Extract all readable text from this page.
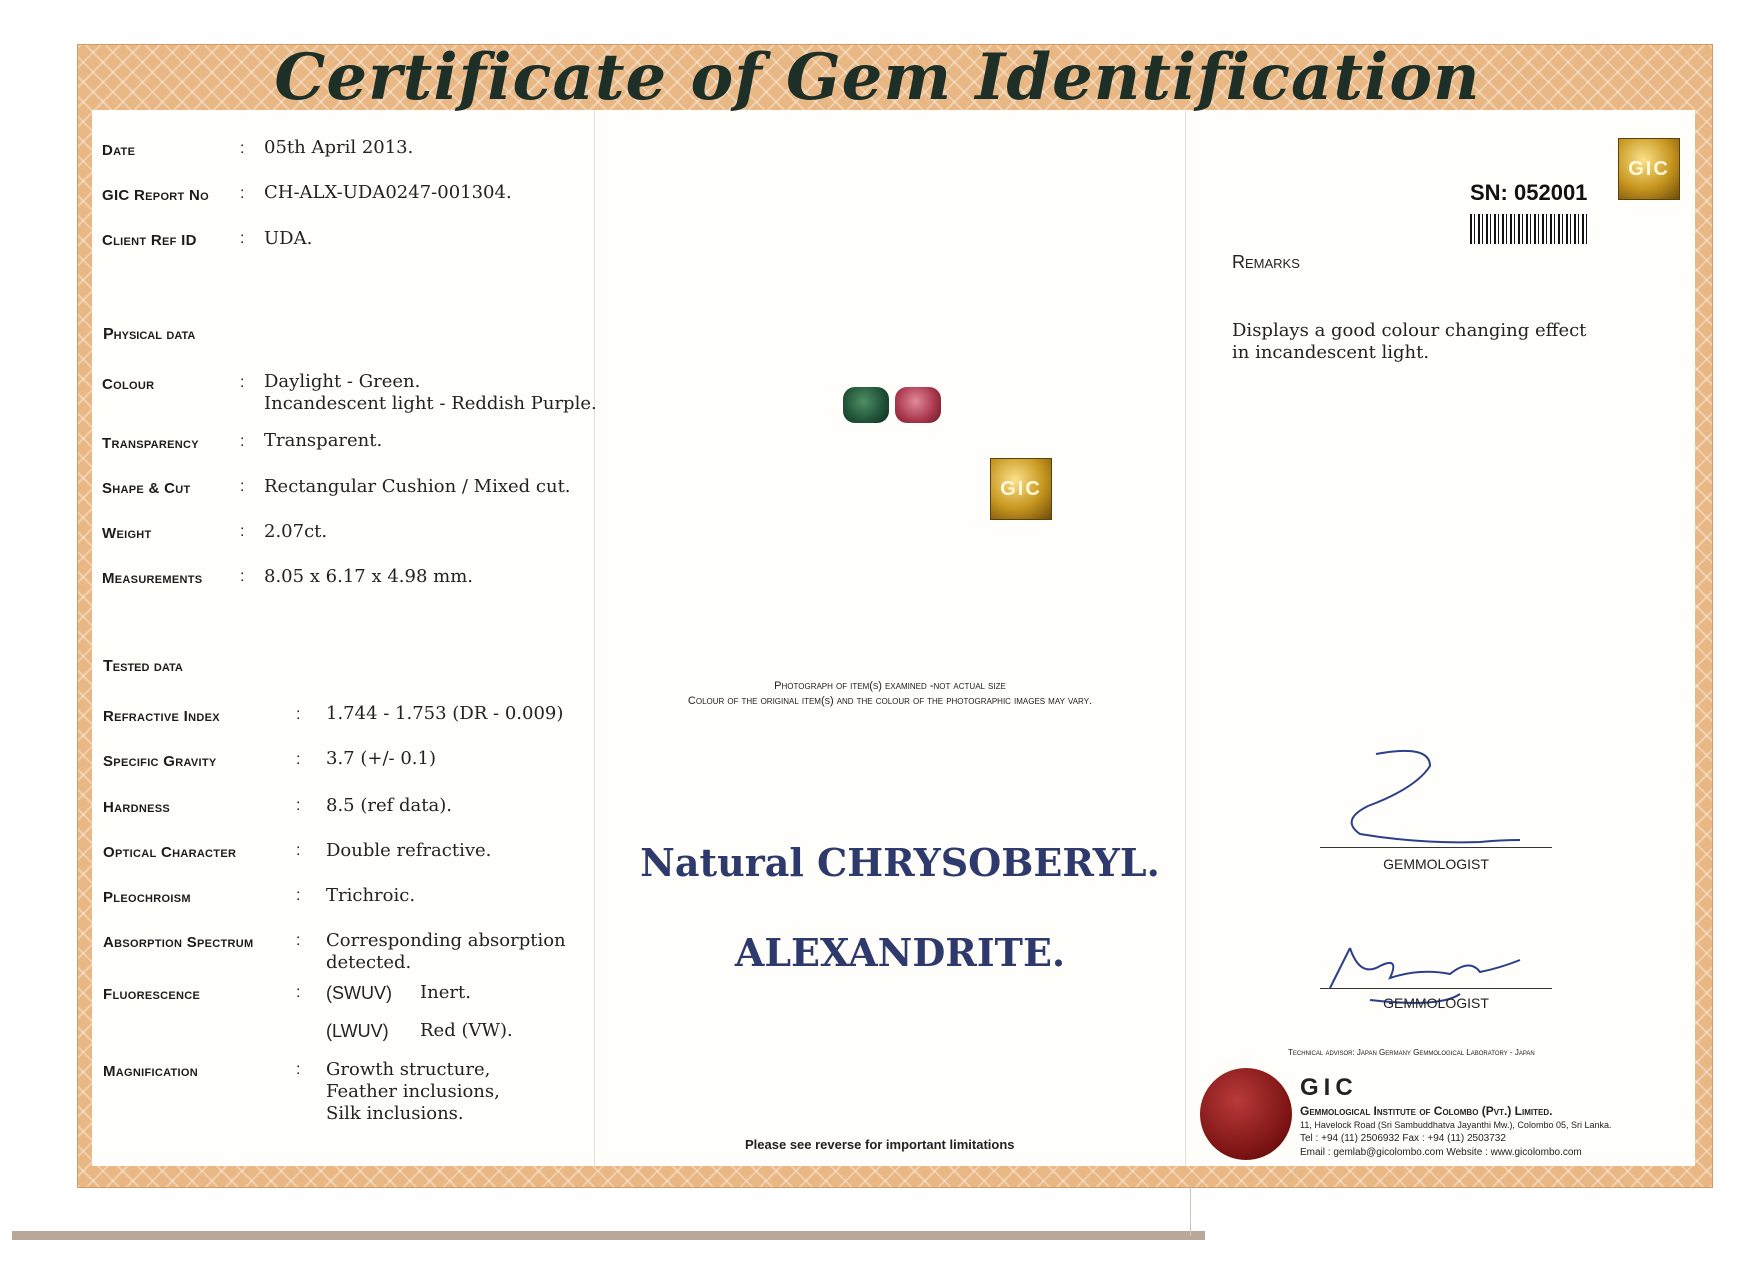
Certificate of Gem Identification
Date	: 05th April 2013.
GIC Report No : CH-ALX-UDA0247-001304.
Client Ref ID	: UDA.
Physical data
Colour	: Daylight - Green.
Incandescent light - Reddish Purple.
Transparency	: Transparent.
Shape & Cut	: Rectangular Cushion / Mixed cut.
Weight	: 2.07ct.
Measurements : 8.05 x 6.17 x 4.98 mm.
Tested data
Refractive Index	: 1.744 - 1.753 (DR - 0.009)
Specific Gravity	: 3.7 (+/- 0.1)
Hardness	: 8.5 (ref data).
Optical Character	: Double refractive.
Pleochroism	: Trichroic.
Absorption Spectrum	: Corresponding absorption
detected.
Fluorescence	: (SWUV) Inert.
(LWUV) Red (VW).
Magnification	: Growth structure,
Feather inclusions,
Silk inclusions.
GIC
Photograph of item(s) examined -not actual size
Colour of the original item(s) and the colour of the photographic images may vary.
Natural CHRYSOBERYL.
ALEXANDRITE.
Please see reverse for important limitations
GIC
SN: 052001
Remarks
Displays a good colour changing effect in incandescent light.
GEMMOLOGIST
GEMMOLOGIST
Technical advisor: Japan Germany Gemmological Laboratory - Japan
GIC
Gemmological Institute of Colombo (Pvt.) Limited.
11, Havelock Road (Sri Sambuddhatva Jayanthi Mw.), Colombo 05, Sri Lanka.
Tel : +94 (11) 2506932 Fax : +94 (11) 2503732
Email : gemlab@gicolombo.com Website : www.gicolombo.com
